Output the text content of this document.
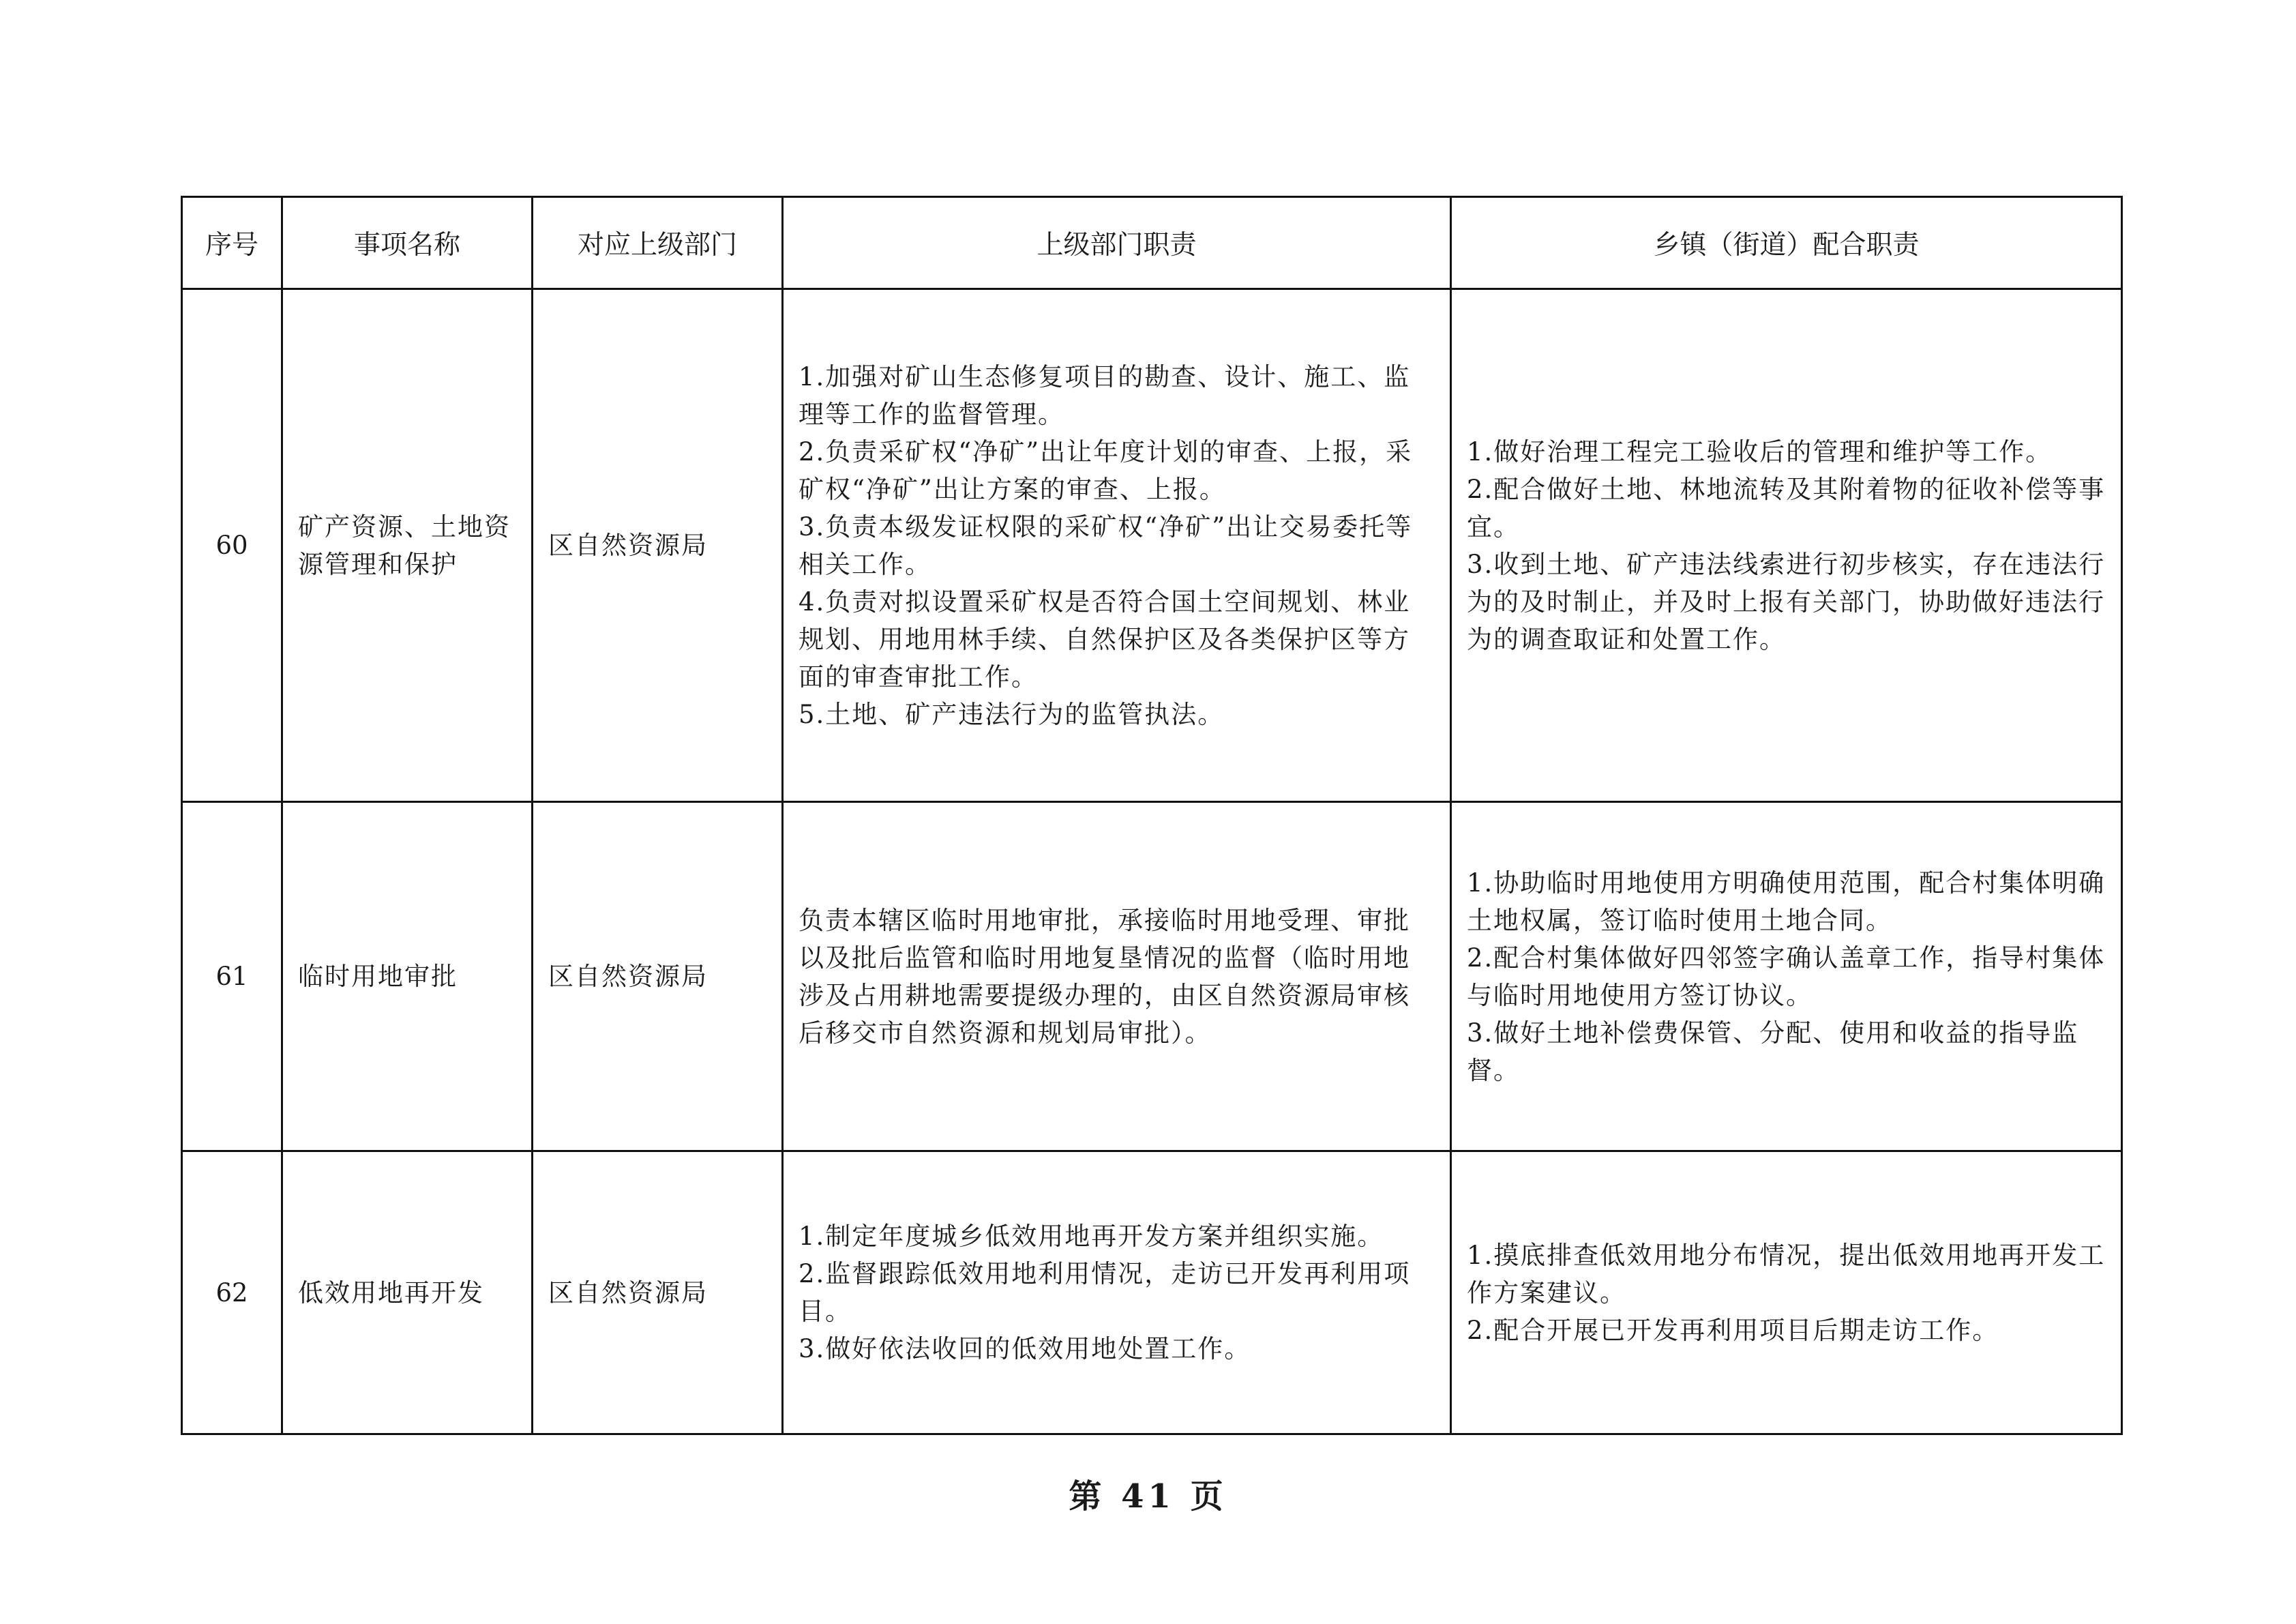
序号	事项名称	对应上级部门	上级部门职责	乡镇（街道）配合职责
60	矿产资源、土地资源管理和保护	区自然资源局	1.加强对矿山生态修复项目的勘查、设计、施工、监理等工作的监督管理。
2.负责采矿权“净矿”出让年度计划的审查、上报，采矿权“净矿”出让方案的审查、上报。
3.负责本级发证权限的采矿权“净矿”出让交易委托等相关工作。
4.负责对拟设置采矿权是否符合国土空间规划、林业规划、用地用林手续、自然保护区及各类保护区等方面的审查审批工作。
5.土地、矿产违法行为的监管执法。	1.做好治理工程完工验收后的管理和维护等工作。
2.配合做好土地、林地流转及其附着物的征收补偿等事宜。
3.收到土地、矿产违法线索进行初步核实，存在违法行为的及时制止，并及时上报有关部门，协助做好违法行为的调查取证和处置工作。

61	临时用地审批	区自然资源局	负责本辖区临时用地审批，承接临时用地受理、审批以及批后监管和临时用地复垦情况的监督（临时用地涉及占用耕地需要提级办理的，由区自然资源局审核后移交市自然资源和规划局审批）。	1.协助临时用地使用方明确使用范围，配合村集体明确土地权属，签订临时使用土地合同。
2.配合村集体做好四邻签字确认盖章工作，指导村集体与临时用地使用方签订协议。
3.做好土地补偿费保管、分配、使用和收益的指导监督。

62	低效用地再开发	区自然资源局	1.制定年度城乡低效用地再开发方案并组织实施。
2.监督跟踪低效用地利用情况，走访已开发再利用项目。
3.做好依法收回的低效用地处置工作。	1.摸底排查低效用地分布情况，提出低效用地再开发工作方案建议。
2.配合开展已开发再利用项目后期走访工作。
第 41 页
